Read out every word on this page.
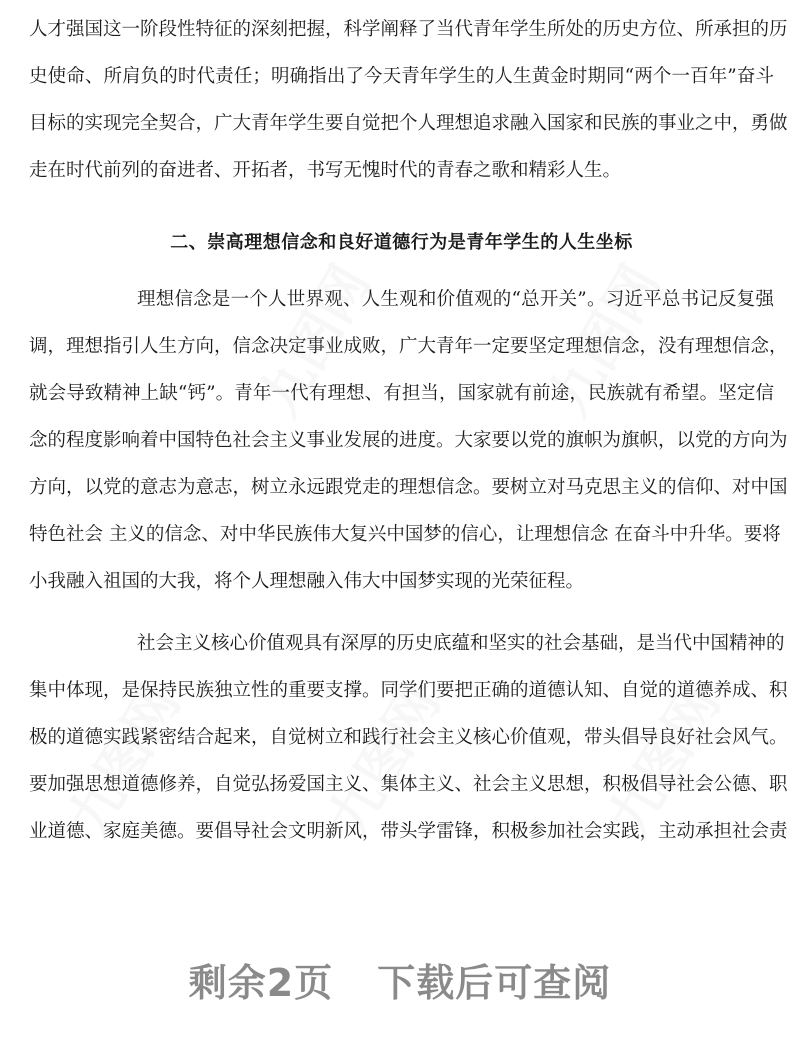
人才强国这一阶段性特征的深刻把握，科学阐释了当代青年学生所处的历史方位、所承担的历
史使命、所肩负的时代责任；明确指出了今天青年学生的人生黄金时期同“两个一百年”奋斗
目标的实现完全契合，广大青年学生要自觉把个人理想追求融入国家和民族的事业之中，勇做
走在时代前列的奋进者、开拓者，书写无愧时代的青春之歌和精彩人生。
二、崇高理想信念和良好道德行为是青年学生的人生坐标
理想信念是一个人世界观、人生观和价值观的“总开关”。习近平总书记反复强
调，理想指引人生方向，信念决定事业成败，广大青年一定要坚定理想信念，没有理想信念，
就会导致精神上缺“钙”。青年一代有理想、有担当，国家就有前途，民族就有希望。坚定信
念的程度影响着中国特色社会主义事业发展的进度。大家要以党的旗帜为旗帜，以党的方向为
方向，以党的意志为意志，树立永远跟党走的理想信念。要树立对马克思主义的信仰、对中国
特色社会 主义的信念、对中华民族伟大复兴中国梦的信心，让理想信念 在奋斗中升华。要将
小我融入祖国的大我，将个人理想融入伟大中国梦实现的光荣征程。
社会主义核心价值观具有深厚的历史底蕴和坚实的社会基础，是当代中国精神的
集中体现，是保持民族独立性的重要支撑。同学们要把正确的道德认知、自觉的道德养成、积
极的道德实践紧密结合起来，自觉树立和践行社会主义核心价值观，带头倡导良好社会风气。
要加强思想道德修养，自觉弘扬爱国主义、集体主义、社会主义思想，积极倡导社会公德、职
业道德、家庭美德。要倡导社会文明新风，带头学雷锋，积极参加社会实践，主动承担社会责
九图网	九图网
九图网 九图网	九图网
剩余2页 下载后可查阅
